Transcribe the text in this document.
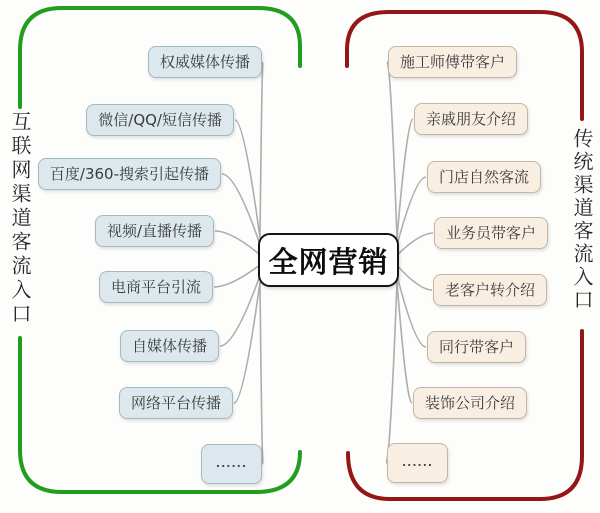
互联网渠道客流入口	传统渠道客流入口
全网营销
权威媒体传播
微信/QQ/短信传播
百度/360-搜索引起传播
视频/直播传播
电商平台引流
自媒体传播
网络平台传播
......
施工师傅带客户
亲戚朋友介绍
门店自然客流
业务员带客户
老客户转介绍
同行带客户
装饰公司介绍
......
